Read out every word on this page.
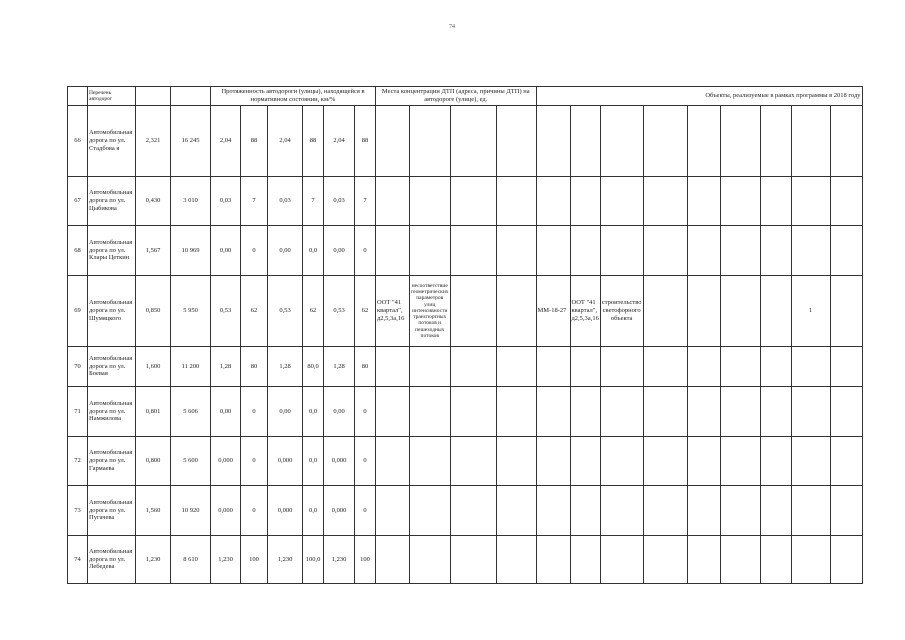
74
	Перечень автодорог			Протяженность автодороги (улицы), находящейся в нормативном состоянии, км/%						Места концентрации ДТП (адреса, причины ДТП) на автодороге (улице), ед.				Объекты, реализуемые в рамках программы в 2018 году								
66	Автомобильная дорога по ул. Стадбова я	2,321	16 245	2,04	88	2,04	88	2,04	88													
67	Автомобильная дорога по ул. Цыбикова	0,430	3 010	0,03	7	0,03	7	0,03	7													
68	Автомобильная дорога по ул. Клары Цеткин	1,567	10 969	0,00	0	0,00	0,0	0,00	0													
69	Автомобильная дорога по ул. Шумяцкого	0,850	5 950	0,53	62	0,53	62	0,53	62	ООТ "41 квартал", д2,5,3а,16	несоответствие геометрических параметров улиц интенсивности транспортных потоков и пешеходных потоков			ММ-18-27	ООТ "41 квартал", д2,5,3а,16	строительство светофорного объекта					1	
70	Автомобильная дорога по ул. Боевая	1,600	11 200	1,28	80	1,28	80,0	1,28	80													
71	Автомобильная дорога по ул. Намжилова	0,801	5 606	0,00	0	0,00	0,0	0,00	0													
72	Автомобильная дорога по ул. Гармаева	0,800	5 600	0,000	0	0,000	0,0	0,000	0													
73	Автомобильная дорога по ул. Пугачева	1,560	10 920	0,000	0	0,000	0,0	0,000	0													
74	Автомобильная дорога по ул. Лебедева	1,230	8 610	1,230	100	1,230	100,0	1,230	100													
